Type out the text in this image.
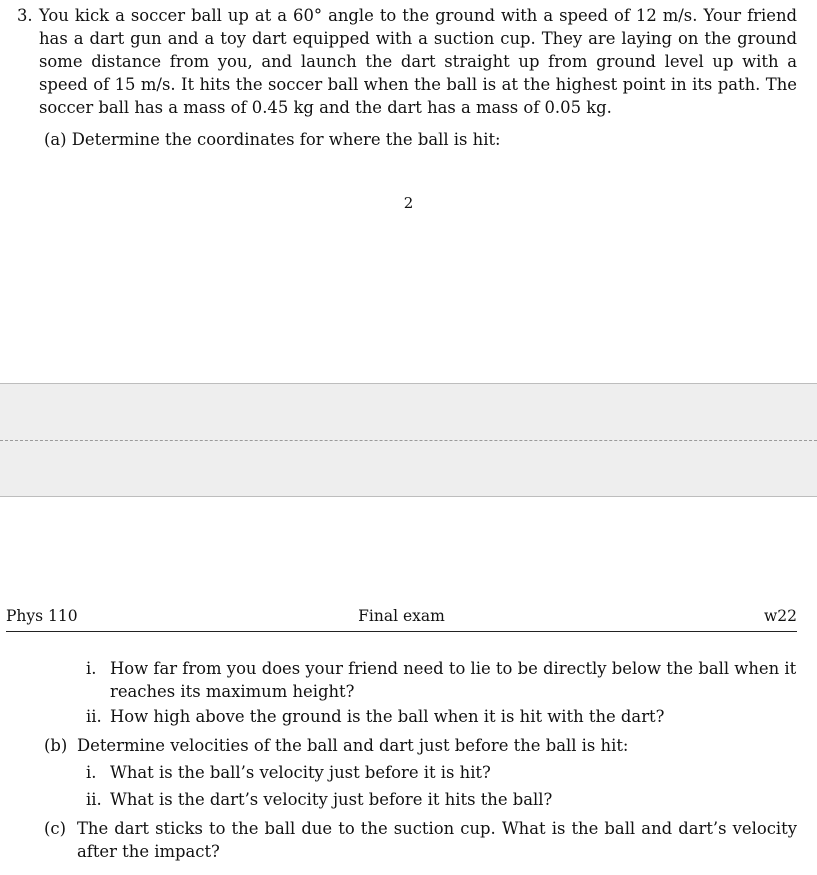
3. You kick a soccer ball up at a 60° angle to the ground with a speed of 12 m/s. Your friend has a dart gun and a toy dart equipped with a suction cup. They are laying on the ground some distance from you, and launch the dart straight up from ground level up with a speed of 15 m/s. It hits the soccer ball when the ball is at the highest point in its path. The soccer ball has a mass of 0.45 kg and the dart has a mass of 0.05 kg.
(a) Determine the coordinates for where the ball is hit:
2
Phys 110	Final exam	w22
i. How far from you does your friend need to lie to be directly below the ball when it reaches its maximum height?
ii. How high above the ground is the ball when it is hit with the dart?
(b) Determine velocities of the ball and dart just before the ball is hit:
i. What is the ball’s velocity just before it is hit?
ii. What is the dart’s velocity just before it hits the ball?
(c) The dart sticks to the ball due to the suction cup. What is the ball and dart’s velocity after the impact?
